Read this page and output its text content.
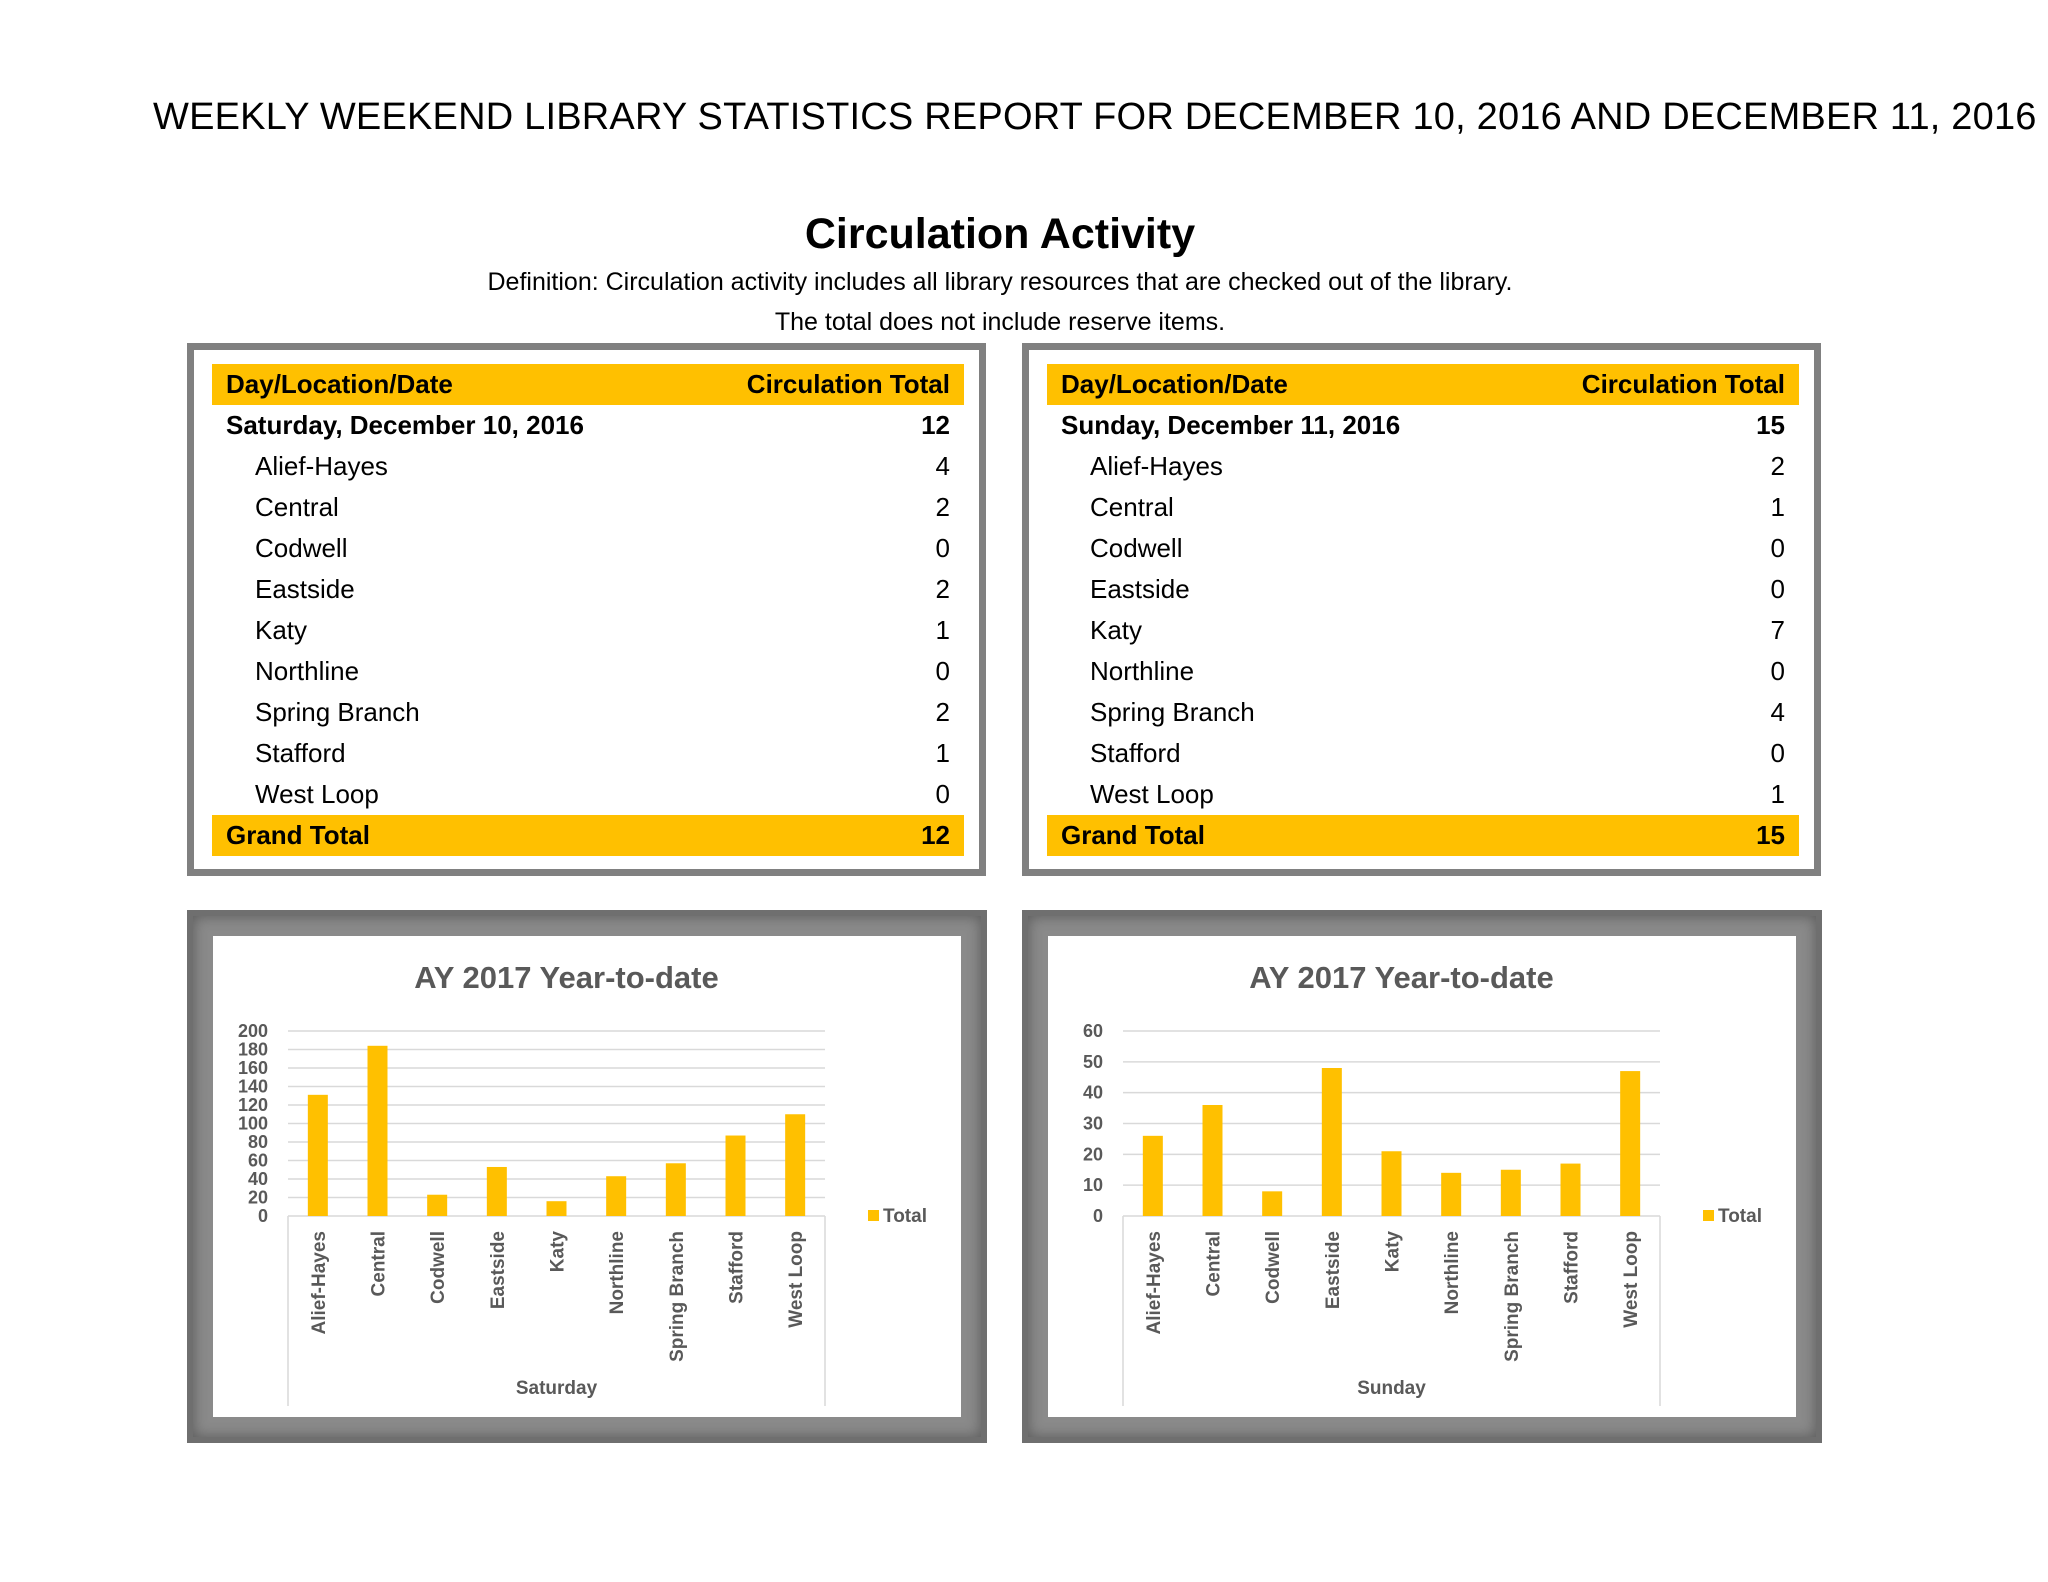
WEEKLY WEEKEND LIBRARY STATISTICS REPORT FOR DECEMBER 10, 2016 AND DECEMBER 11, 2016
Circulation Activity
Definition: Circulation activity includes all library resources that are checked out of the library.
The total does not include reserve items.
Day/Location/Date	Circulation Total
Saturday, December 10, 2016	12
Alief-Hayes	4
Central	2
Codwell	0
Eastside	2
Katy	1
Northline	0
Spring Branch	2
Stafford	1
West Loop	0
Grand Total	12
Day/Location/Date	Circulation Total
Sunday, December 11, 2016	15
Alief-Hayes	2
Central	1
Codwell	0
Eastside	0
Katy	7
Northline	0
Spring Branch	4
Stafford	0
West Loop	1
Grand Total	15
AY 2017 Year-to-date
0
20
40
60
80
100
120
140
160
180
200
Alief-Hayes Central Codwell Eastside Katy Northline Spring Branch Stafford West Loop
Saturday
Total
AY 2017 Year-to-date
0
10
20
30
40
50
60
Alief-Hayes Central Codwell Eastside Katy Northline Spring Branch Stafford West Loop
Sunday
Total
